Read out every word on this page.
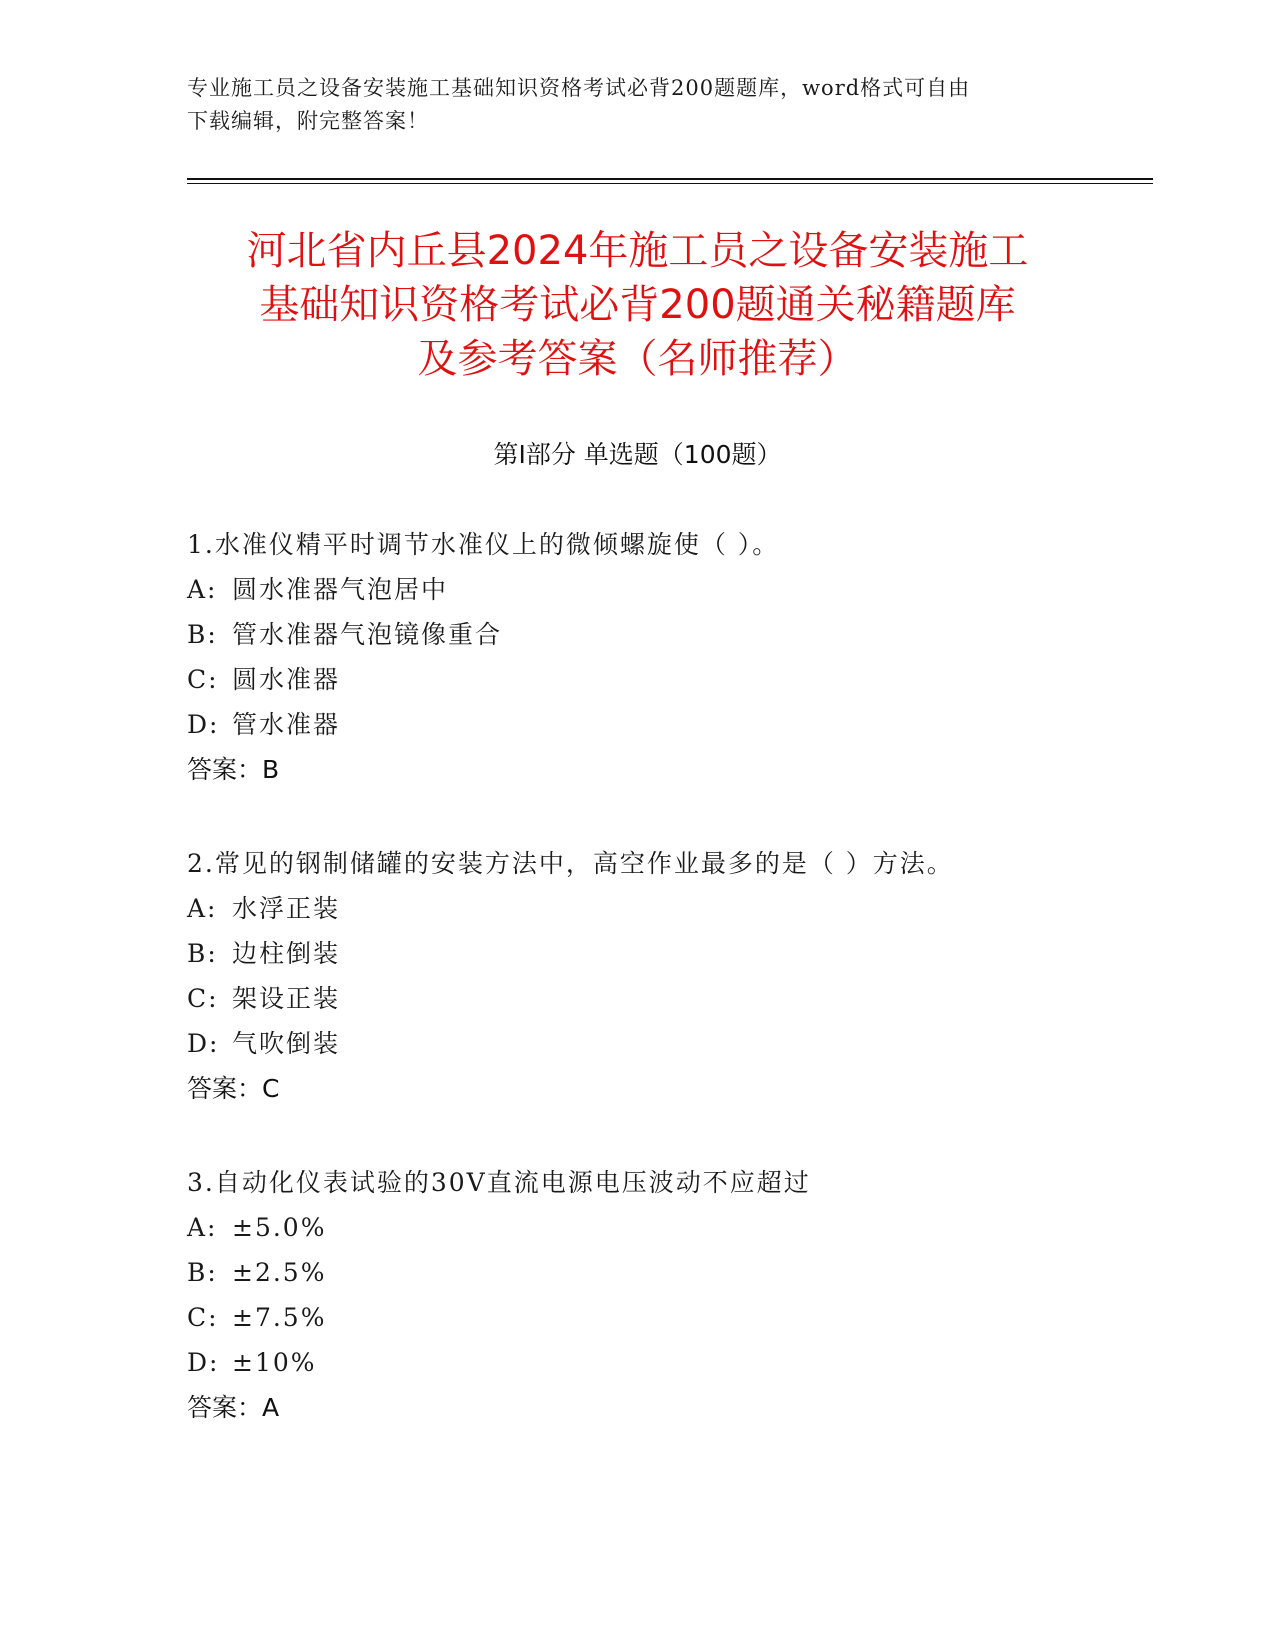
专业施工员之设备安装施工基础知识资格考试必背200题题库，word格式可自由
下载编辑，附完整答案！
河北省内丘县2024年施工员之设备安装施工
基础知识资格考试必背200题通关秘籍题库
及参考答案（名师推荐）
第Ⅰ部分 单选题（100题）
1.水准仪精平时调节水准仪上的微倾螺旋使（ ）。
A: 圆水准器气泡居中
B: 管水准器气泡镜像重合
C: 圆水准器
D: 管水准器
答案：B
2.常见的钢制储罐的安装方法中，高空作业最多的是（ ）方法。
A: 水浮正装
B: 边柱倒装
C: 架设正装
D: 气吹倒装
答案：C
3.自动化仪表试验的30V直流电源电压波动不应超过
A: ±5.0%
B: ±2.5%
C: ±7.5%
D: ±10%
答案：A
